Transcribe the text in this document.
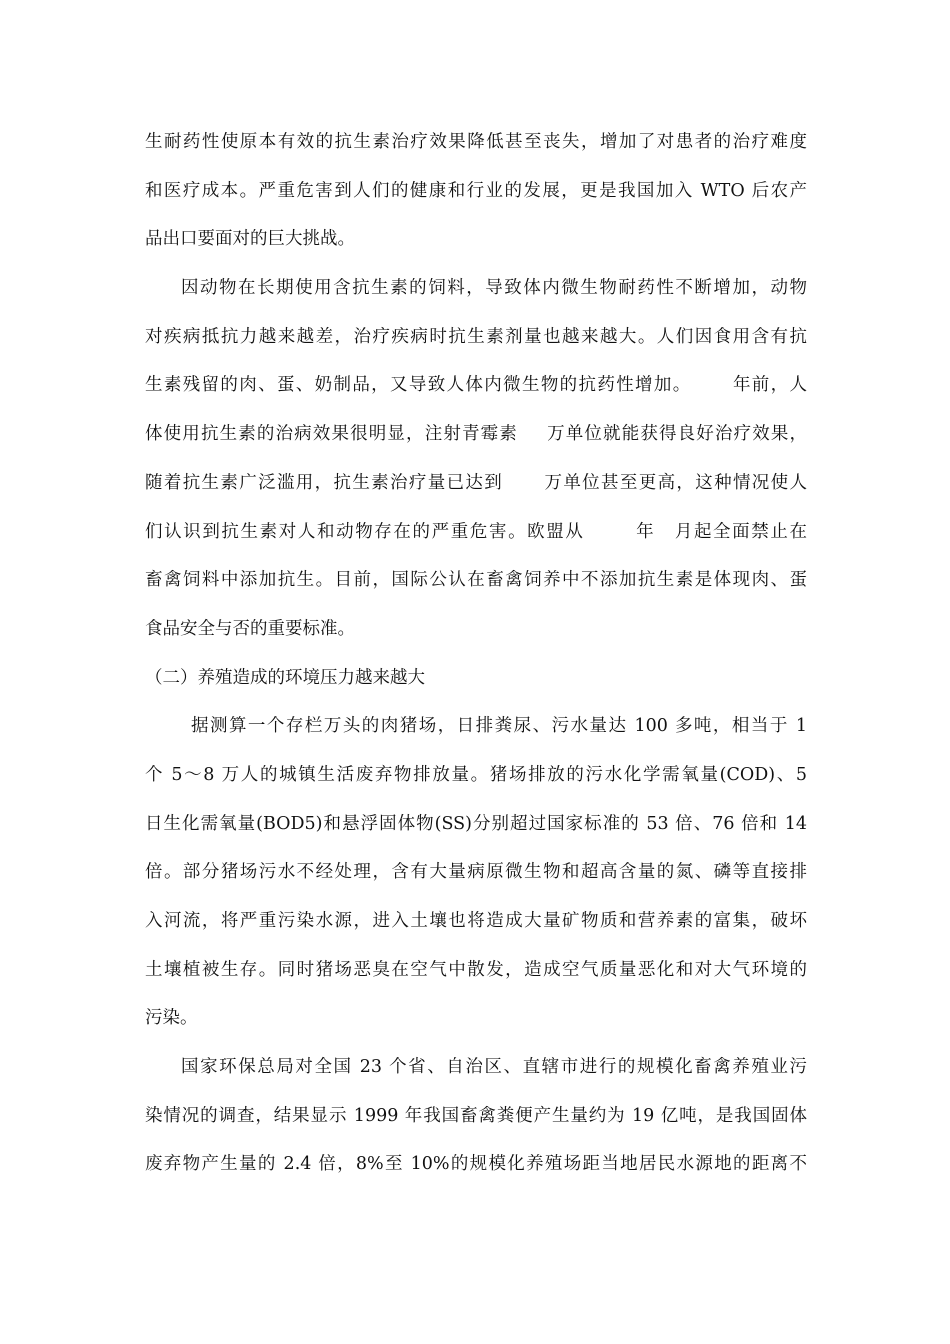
生耐药性使原本有效的抗生素治疗效果降低甚至丧失，增加了对患者的治疗难度
和医疗成本。严重危害到人们的健康和行业的发展，更是我国加入 WTO 后农产
品出口要面对的巨大挑战。
因动物在长期使用含抗生素的饲料，导致体内微生物耐药性不断增加，动物
对疾病抵抗力越来越差，治疗疾病时抗生素剂量也越来越大。人们因食用含有抗
生素残留的肉、蛋、奶制品，又导致人体内微生物的抗药性增加。 年前，人
体使用抗生素的治病效果很明显，注射青霉素 万单位就能获得良好治疗效果，
随着抗生素广泛滥用，抗生素治疗量已达到 万单位甚至更高，这种情况使人
们认识到抗生素对人和动物存在的严重危害。欧盟从	年 月起全面禁止在
畜禽饲料中添加抗生。目前，国际公认在畜禽饲养中不添加抗生素是体现肉、蛋
食品安全与否的重要标准。
（二）养殖造成的环境压力越来越大
据测算一个存栏万头的肉猪场，日排粪尿、污水量达 100 多吨，相当于 1
个 5～8 万人的城镇生活废弃物排放量。猪场排放的污水化学需氧量(COD)、5
日生化需氧量(BOD5)和悬浮固体物(SS)分别超过国家标准的 53 倍、76 倍和 14
倍。部分猪场污水不经处理，含有大量病原微生物和超高含量的氮、磷等直接排
入河流，将严重污染水源，进入土壤也将造成大量矿物质和营养素的富集，破坏
土壤植被生存。同时猪场恶臭在空气中散发，造成空气质量恶化和对大气环境的
污染。
国家环保总局对全国 23 个省、自治区、直辖市进行的规模化畜禽养殖业污
染情况的调查，结果显示 1999 年我国畜禽粪便产生量约为 19 亿吨，是我国固体
废弃物产生量的 2.4 倍，8%至 10%的规模化养殖场距当地居民水源地的距离不
